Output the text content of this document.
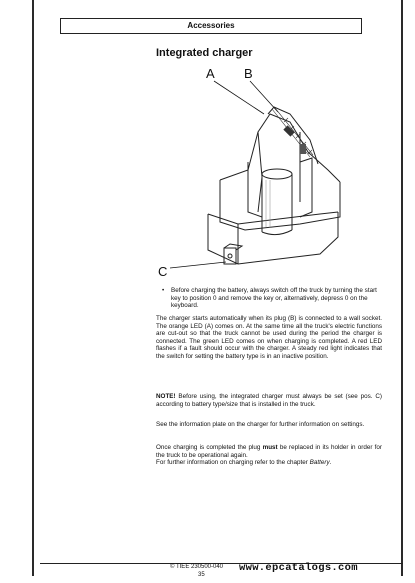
Accessories
Integrated charger
A B
C
•	Before charging the battery, always switch off the truck by turning the start key to position 0 and remove the key or, alternatively, depress 0 on the keyboard.

The charger starts automatically when its plug (B) is connected to a wall socket. The orange LED (A) comes on. At the same time all the truck's electric functions are cut-out so that the truck cannot be used during the period the charger is connected. The green LED comes on when charging is completed. A red LED flashes if a fault should occur with the charger. A steady red light indicates that the switch for setting the battery type is in an inactive position.

NOTE! Before using, the integrated charger must always be set (see pos. C) according to battery type/size that is installed in the truck.

See the information plate on the charger for further information on settings.

Once charging is completed the plug must be replaced in its holder in order for the truck to be operational again.

For further information on charging refer to the chapter Battery.

© TIEE 230500-040
35
www.epcatalogs.com
